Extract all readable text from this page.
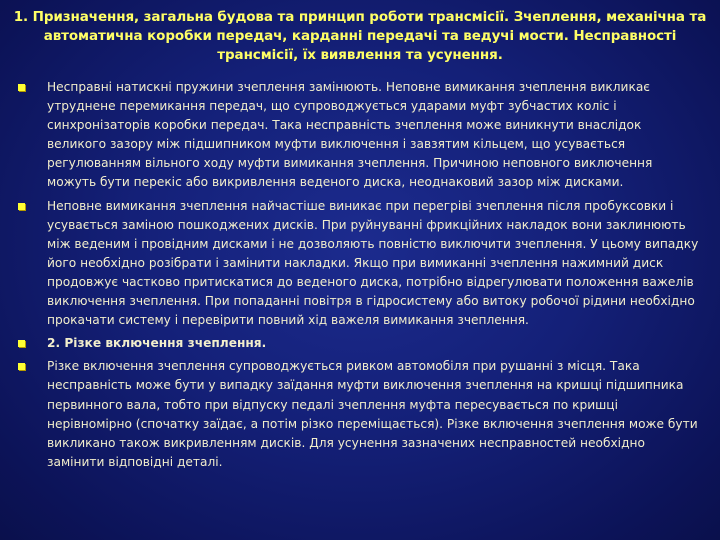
1. Призначення, загальна будова та принцип роботи трансмісії. Зчеплення, механічна та автоматична коробки передач, карданні передачі та ведучі мости. Несправності трансмісії, їх виявлення та усунення.
Несправні натискні пружини зчеплення замінюють. Неповне вимикання зчеплення викликає утруднене перемикання передач, що супроводжується ударами муфт зубчастих коліс і синхронізаторів коробки передач. Така несправність зчеплення може виникнути внаслідок великого зазору між підшипником муфти виключення і завзятим кільцем, що усувається регулюванням вільного ходу муфти вимикання зчеплення. Причиною неповного виключення можуть бути перекіс або викривлення веденого диска, неоднаковий зазор між дисками.
Неповне вимикання зчеплення найчастіше виникає при перегріві зчеплення після пробуксовки і усувається заміною пошкоджених дисків. При руйнуванні фрикційних накладок вони заклинюють між веденим і провідним дисками і не дозволяють повністю виключити зчеплення. У цьому випадку його необхідно розібрати і замінити накладки. Якщо при вимиканні зчеплення нажимний диск продовжує частково притискатися до веденого диска, потрібно відрегулювати положення важелів виключення зчеплення. При попаданні повітря в гідросистему або витоку робочої рідини необхідно прокачати систему і перевірити повний хід важеля вимикання зчеплення.
2. Різке включення зчеплення.
Різке включення зчеплення супроводжується ривком автомобіля при рушанні з місця. Така несправність може бути у випадку заїдання муфти виключення зчеплення на кришці підшипника первинного вала, тобто при відпуску педалі зчеплення муфта пересувається по кришці нерівномірно (спочатку заїдає, а потім різко переміщається). Різке включення зчеплення може бути викликано також викривленням дисків. Для усунення зазначених несправностей необхідно замінити відповідні деталі.
